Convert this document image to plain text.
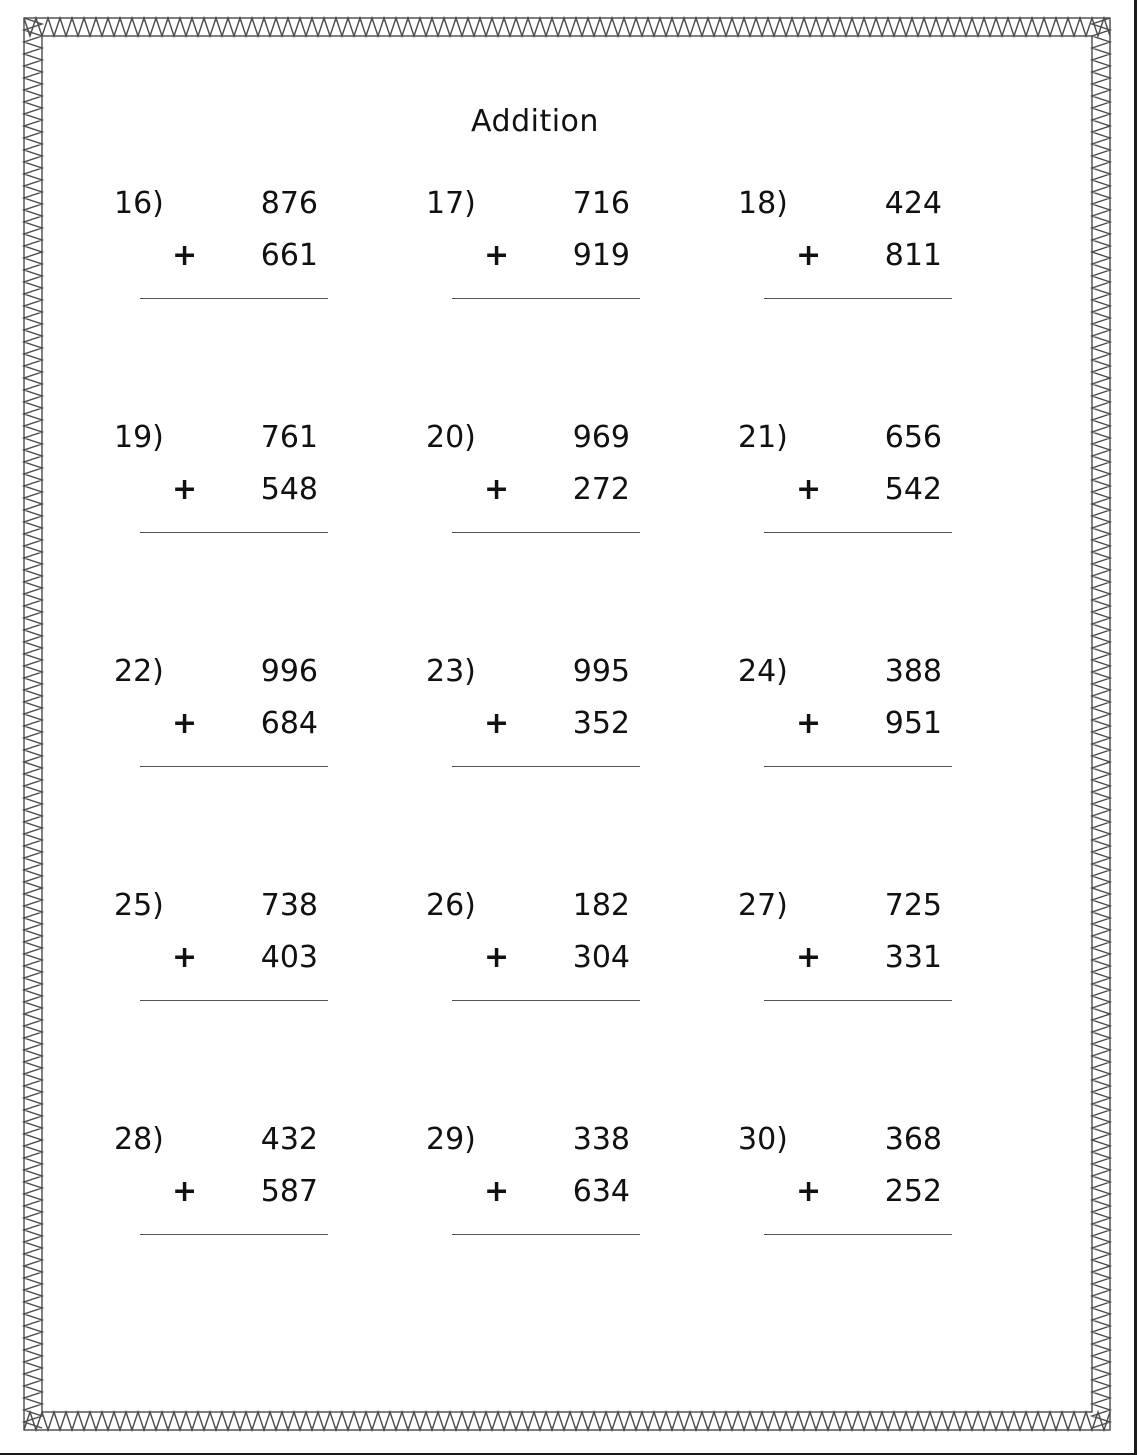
Addition
16)	876
+ 661
17)	716
+ 919
18)	424
+ 811
19)	761
+ 548
20)	969
+ 272
21)	656
+ 542
22)	996
+ 684
23)	995
+ 352
24)	388
+ 951
25)	738
+ 403
26)	182
+ 304
27)	725
+ 331
28)	432
+ 587
29)	338
+ 634
30)	368
+ 252
